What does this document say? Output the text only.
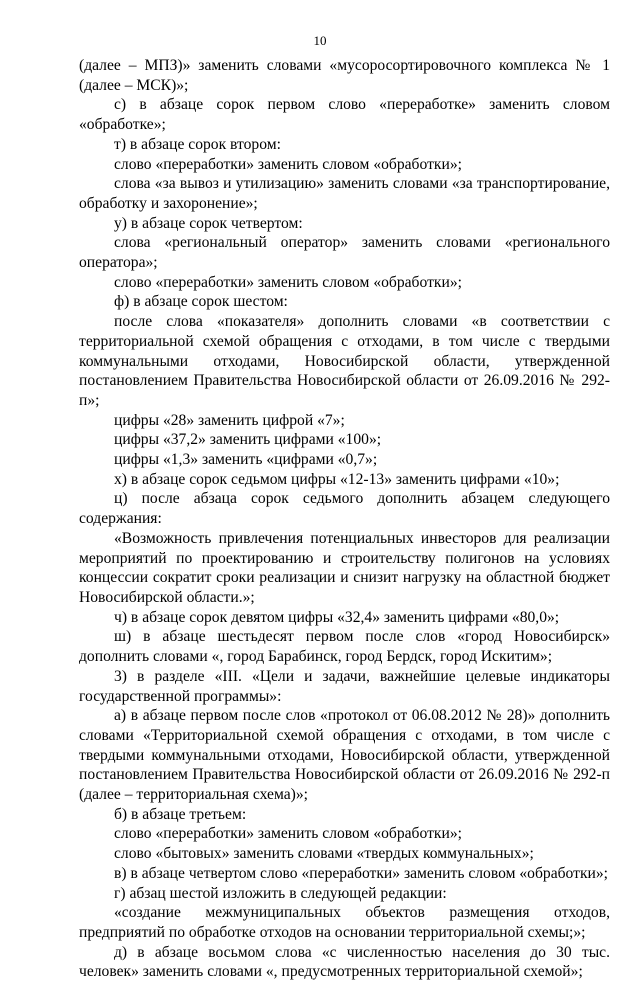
10

(далее – МПЗ)» заменить словами «мусоросортировочного комплекса № 1 (далее – МСК)»;

с) в абзаце сорок первом слово «переработке» заменить словом «обработке»;

т) в абзаце сорок втором:

слово «переработки» заменить словом «обработки»;

слова «за вывоз и утилизацию» заменить словами «за транспортирование, обработку и захоронение»;

у) в абзаце сорок четвертом:

слова «региональный оператор» заменить словами «регионального оператора»;

слово «переработки» заменить словом «обработки»;

ф) в абзаце сорок шестом:

после слова «показателя» дополнить словами «в соответствии с территориальной схемой обращения с отходами, в том числе с твердыми коммунальными отходами, Новосибирской области, утвержденной постановлением Правительства Новосибирской области от 26.09.2016 № 292-п»;

цифры «28» заменить цифрой «7»;

цифры «37,2» заменить цифрами «100»;

цифры «1,3» заменить «цифрами «0,7»;

х) в абзаце сорок седьмом цифры «12-13» заменить цифрами «10»;

ц) после абзаца сорок седьмого дополнить абзацем следующего содержания:

«Возможность привлечения потенциальных инвесторов для реализации мероприятий по проектированию и строительству полигонов на условиях концессии сократит сроки реализации и снизит нагрузку на областной бюджет Новосибирской области.»;

ч) в абзаце сорок девятом цифры «32,4» заменить цифрами «80,0»;

ш) в абзаце шестьдесят первом после слов «город Новосибирск» дополнить словами «, город Барабинск, город Бердск, город Искитим»;

3) в разделе «III. «Цели и задачи, важнейшие целевые индикаторы государственной программы»:

а) в абзаце первом после слов «протокол от 06.08.2012 № 28)» дополнить словами «Территориальной схемой обращения с отходами, в том числе с твердыми коммунальными отходами, Новосибирской области, утвержденной постановлением Правительства Новосибирской области от 26.09.2016 № 292-п (далее – территориальная схема)»;

б) в абзаце третьем:

слово «переработки» заменить словом «обработки»;

слово «бытовых» заменить словами «твердых коммунальных»;

в) в абзаце четвертом слово «переработки» заменить словом «обработки»;

г) абзац шестой изложить в следующей редакции:

«создание межмуниципальных объектов размещения отходов, предприятий по обработке отходов на основании территориальной схемы;»;

д) в абзаце восьмом слова «с численностью населения до 30 тыс. человек» заменить словами «, предусмотренных территориальной схемой»;
